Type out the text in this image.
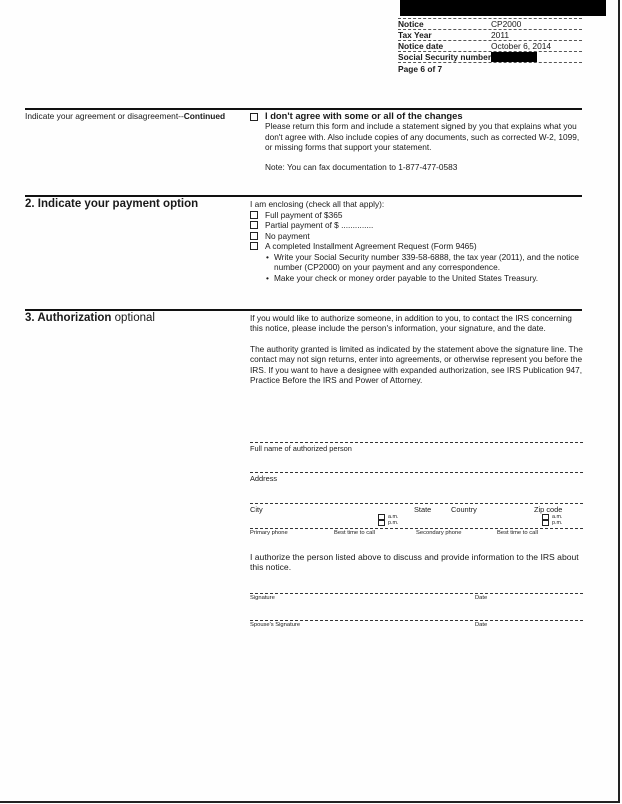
Notice	CP2000
Tax Year	2011
Notice date	October 6, 2014
Social Security number
Page 6 of 7
Indicate your agreement or disagreement--Continued	I don't agree with some or all of the changes
Please return this form and include a statement signed by you that explains what you don't agree with. Also include copies of any documents, such as corrected W-2, 1099, or missing forms that support your statement.
Note: You can fax documentation to 1-877-477-0583
2. Indicate your payment option	I am enclosing (check all that apply):
Full payment of $365
Partial payment of $ ..............
No payment
A completed Installment Agreement Request (Form 9465)
• Write your Social Security number 339-58-6888, the tax year (2011), and the notice number (CP2000) on your payment and any correspondence.
• Make your check or money order payable to the United States Treasury.
3. Authorization optional	If you would like to authorize someone, in addition to you, to contact the IRS concerning this notice, please include the person's information, your signature, and the date.
The authority granted is limited as indicated by the statement above the signature line. The contact may not sign returns, enter into agreements, or otherwise represent you before the IRS. If you want to have a designee with expanded authorization, see IRS Publication 947, Practice Before the IRS and Power of Attorney.
Full name of authorized person
Address
City	State	Country	Zip code
a.m.
p.m.
a.m.
p.m.
Primary phone	Best time to call	Secondary phone	Best time to call
I authorize the person listed above to discuss and provide information to the IRS about this notice.
Signature	Date
Spouse's Signature	Date
